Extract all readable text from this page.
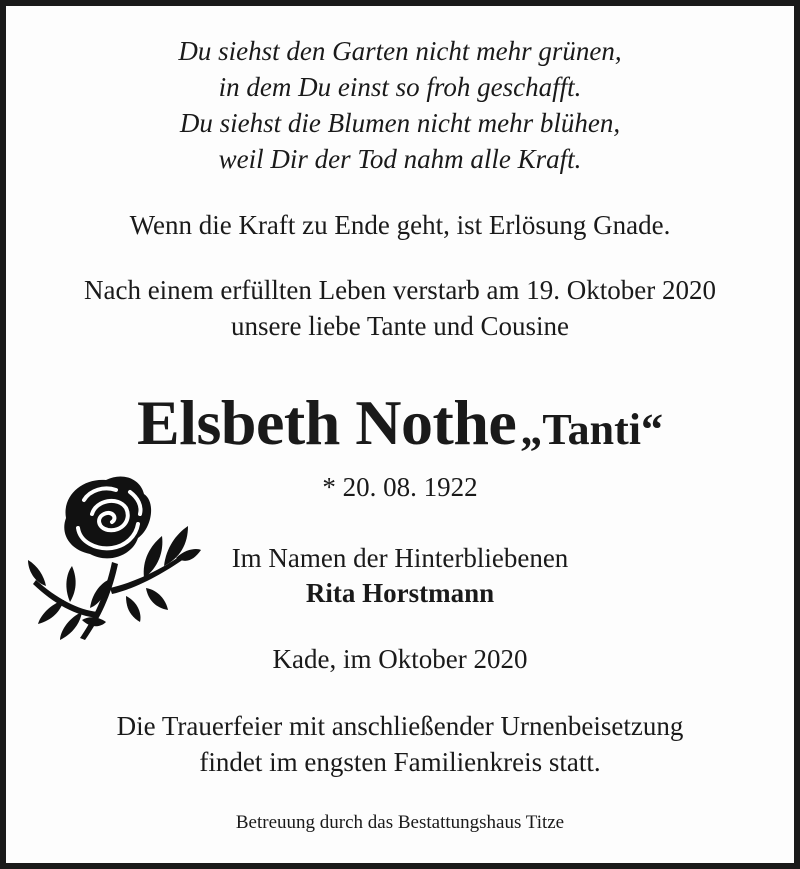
Du siehst den Garten nicht mehr grünen,
in dem Du einst so froh geschafft.
Du siehst die Blumen nicht mehr blühen,
weil Dir der Tod nahm alle Kraft.
Wenn die Kraft zu Ende geht, ist Erlösung Gnade.
Nach einem erfüllten Leben verstarb am 19. Oktober 2020
unsere liebe Tante und Cousine
Elsbeth Nothe „Tanti“
* 20. 08. 1922
Im Namen der Hinterbliebenen
Rita Horstmann
Kade, im Oktober 2020
Die Trauerfeier mit anschließender Urnenbeisetzung
findet im engsten Familienkreis statt.
Betreuung durch das Bestattungshaus Titze
